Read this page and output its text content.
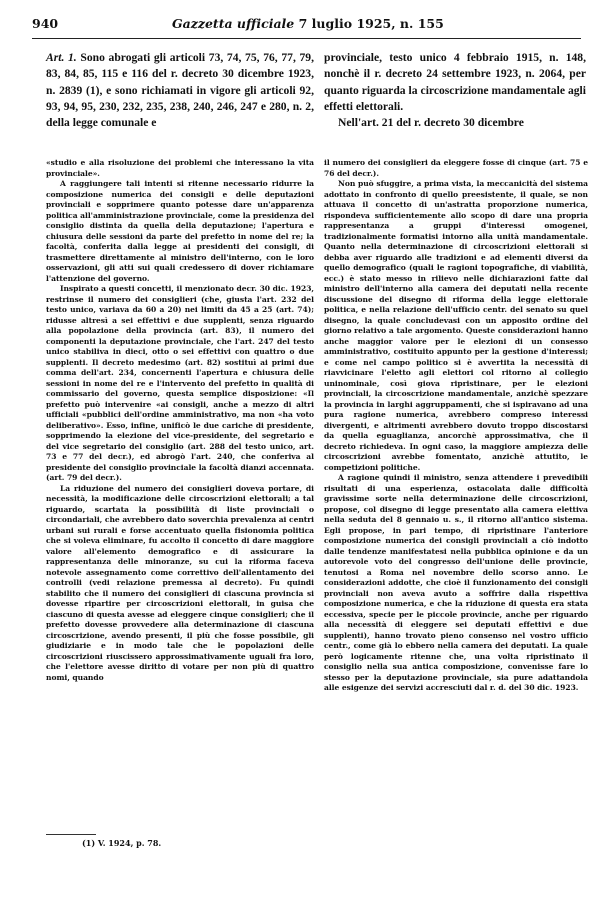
940	Gazzetta ufficiale 7 luglio 1925, n. 155

Art. 1. Sono abrogati gli articoli 73, 74, 75, 76, 77, 79, 83, 84, 85, 115 e 116 del r. decreto 30 dicembre 1923, n. 2839 (1), e sono richiamati in vigore gli articoli 92, 93, 94, 95, 230, 232, 235, 238, 240, 246, 247 e 280, n. 2, della legge comunale e

provinciale, testo unico 4 febbraio 1915, n. 148, nonchè il r. decreto 24 settembre 1923, n. 2064, per quanto riguarda la circoscrizione mandamentale agli effetti elettorali.

Nell'art. 21 del r. decreto 30 dicembre

«studio e alla risoluzione dei problemi che interessano la vita provinciale».

A raggiungere tali intenti si ritenne necessario ridurre la composizione numerica dei consigli e delle deputazioni provinciali e sopprimere quanto potesse dare un'apparenza politica all'amministrazione provinciale, come la presidenza del consiglio distinta da quella della deputazione; l'apertura e chiusura delle sessioni da parte del prefetto in nome del re; la facoltà, conferita dalla legge ai presidenti dei consigli, di trasmettere direttamente al ministro dell'interno, con le loro osservazioni, gli atti sui quali credessero di dover richiamare l'attenzione del governo.

Inspirato a questi concetti, il menzionato decr. 30 dic. 1923, restrinse il numero dei consiglieri (che, giusta l'art. 232 del testo unico, variava da 60 a 20) nei limiti da 45 a 25 (art. 74); ridusse altresì a sei effettivi e due supplenti, senza riguardo alla popolazione della provincia (art. 83), il numero dei componenti la deputazione provinciale, che l'art. 247 del testo unico stabiliva in dieci, otto o sei effettivi con quattro o due supplenti. Il decreto medesimo (art. 82) sostituì ai primi due comma dell'art. 234, concernenti l'apertura e chiusura delle sessioni in nome del re e l'intervento del prefetto in qualità di commissario del governo, questa semplice disposizione: «Il prefetto può intervenire «ai consigli, anche a mezzo di altri ufficiali «pubblici dell'ordine amministrativo, ma non «ha voto deliberativo». Esso, infine, unificò le due cariche di presidente, sopprimendo la elezione del vice-presidente, del segretario e del vice segretario del consiglio (art. 288 del testo unico, art. 73 e 77 del decr.), ed abrogò l'art. 240, che conferiva al presidente del consiglio provinciale la facoltà dianzi accennata. (art. 79 del decr.).

La riduzione del numero dei consiglieri doveva portare, di necessità, la modificazione delle circoscrizioni elettorali; a tal riguardo, scartata la possibilità di liste provinciali o circondariali, che avrebbero dato soverchia prevalenza ai centri urbani sui rurali e forse accentuato quella fisionomia politica che si voleva eliminare, fu accolto il concetto di dare maggiore valore all'elemento demografico e di assicurare la rappresentanza delle minoranze, su cui la riforma faceva notevole assegnamento come correttivo dell'allentamento dei controlli (vedi relazione premessa al decreto). Fu quindi stabilito che il numero dei consiglieri di ciascuna provincia si dovesse ripartire per circoscrizioni elettorali, in guisa che ciascuno di questa avesse ad eleggere cinque consiglieri; che il prefetto dovesse provvedere alla determinazione di ciascuna circoscrizione, avendo presenti, il più che fosse possibile, gli giudiziarie e in modo tale che le popolazioni delle circoscrizioni riuscissero approssimativamente uguali fra loro, che l'elettore avesse diritto di votare per non più di quattro nomi, quando

il numero dei consiglieri da eleggere fosse di cinque (art. 75 e 76 del decr.).

Non può sfuggire, a prima vista, la meccanicità del sistema adottato in confronto di quello preesistente, il quale, se non attuava il concetto di un'astratta proporzione numerica, rispondeva sufficientemente allo scopo di dare una propria rappresentanza a gruppi d'interessi omogenei, tradizionalmente formatisi intorno alla unità mandamentale. Quanto nella determinazione di circoscrizioni elettorali si debba aver riguardo alle tradizioni e ad elementi diversi da quello demografico (quali le ragioni topografiche, di viabilità, ecc.) è stato messo in rilievo nelle dichiarazioni fatte dal ministro dell'interno alla camera dei deputati nella recente discussione del disegno di riforma della legge elettorale politica, e nella relazione dell'ufficio centr. del senato su quel disegno, la quale concludevasi con un apposito ordine del giorno relativo a tale argomento. Queste considerazioni hanno anche maggior valore per le elezioni di un consesso amministrativo, costituito appunto per la gestione d'interessi; e come nel campo politico si è avvertita la necessità di riavvicinare l'eletto agli elettori col ritorno al collegio uninominale, così giova ripristinare, per le elezioni provinciali, la circoscrizione mandamentale, anzichè spezzare la provincia in larghi aggruppamenti, che si ispiravano ad una pura ragione numerica, avrebbero compreso interessi divergenti, e altrimenti avrebbero dovuto troppo discostarsi da quella eguaglianza, ancorchè approssimativa, che il decreto richiedeva. In ogni caso, la maggiore ampiezza delle circoscrizioni avrebbe fomentato, anzichè attutito, le competizioni politiche.

A ragione quindi il ministro, senza attendere i prevedibili risultati di una esperienza, ostacolata dalle difficoltà gravissime sorte nella determinazione delle circoscrizioni, propose, col disegno di legge presentato alla camera elettiva nella seduta del 8 gennaio u. s., il ritorno all'antico sistema. Egli propose, in pari tempo, di ripristinare l'anteriore composizione numerica dei consigli provinciali a ciò indotto dalle tendenze manifestatesi nella pubblica opinione e da un autorevole voto del congresso dell'unione delle provincie, tenutosi a Roma nel novembre dello scorso anno. Le considerazioni addotte, che cioè il funzionamento dei consigli provinciali non aveva avuto a soffrire dalla rispettiva composizione numerica, e che la riduzione di questa era stata eccessiva, specie per le piccole provincie, anche per riguardo alla necessità di eleggere sei deputati effettivi e due supplenti), hanno trovato pieno consenso nel vostro ufficio centr., come già lo ebbero nella camera dei deputati. La quale però logicamente ritenne che, una volta ripristinato il consiglio nella sua antica composizione, convenisse fare lo stesso per la deputazione provinciale, sia pure adattandola alle esigenze dei servizi accresciuti dal r. d. del 30 dic. 1923.

(1) V. 1924, p. 78.
